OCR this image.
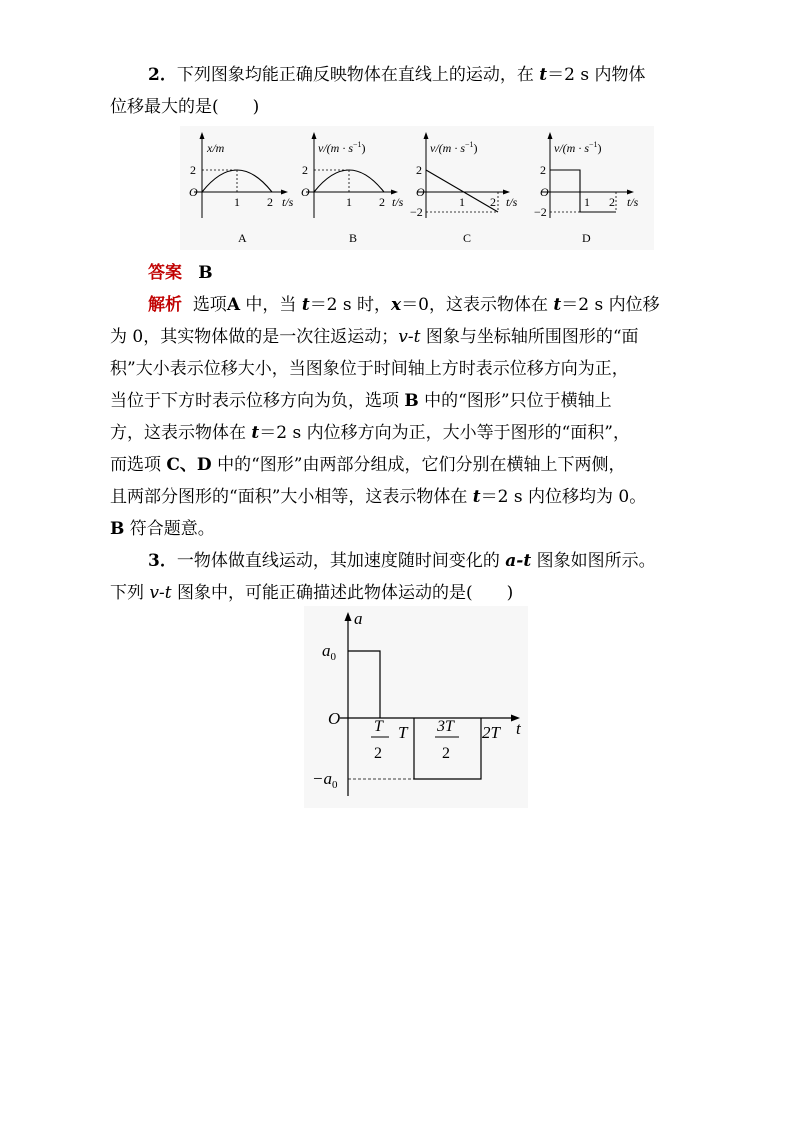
2．下列图象均能正确反映物体在直线上的运动，在 t＝2 s 内物体
位移最大的是(　　)
x/m
2
O
1 2 t/s
A
$v/(m \cdot s^{-1})$
2
O
1 2 t/s
B
$v/(m \cdot s^{-1})$
2
O
−2
1 2 t/s
C
$v/(m \cdot s^{-1})$
2
O
−2
1 2 t/s
D
答案 B
解析 选项A 中，当 t＝2 s 时，x＝0，这表示物体在 t＝2 s 内位移
为 0，其实物体做的是一次往返运动；v-t 图象与坐标轴所围图形的“面
积”大小表示位移大小，当图象位于时间轴上方时表示位移方向为正，
当位于下方时表示位移方向为负，选项 B 中的“图形”只位于横轴上
方，这表示物体在 t＝2 s 内位移方向为正，大小等于图形的“面积”，
而选项 C、D 中的“图形”由两部分组成，它们分别在横轴上下两侧，
且两部分图形的“面积”大小相等，这表示物体在 t＝2 s 内位移均为 0。
B 符合题意。
3．一物体做直线运动，其加速度随时间变化的 a-t 图象如图所示。
下列 v-t 图象中，可能正确描述此物体运动的是(　　)
a
t
O
$a_0$
$-a_0$
T
2
T 3T
2
2T
